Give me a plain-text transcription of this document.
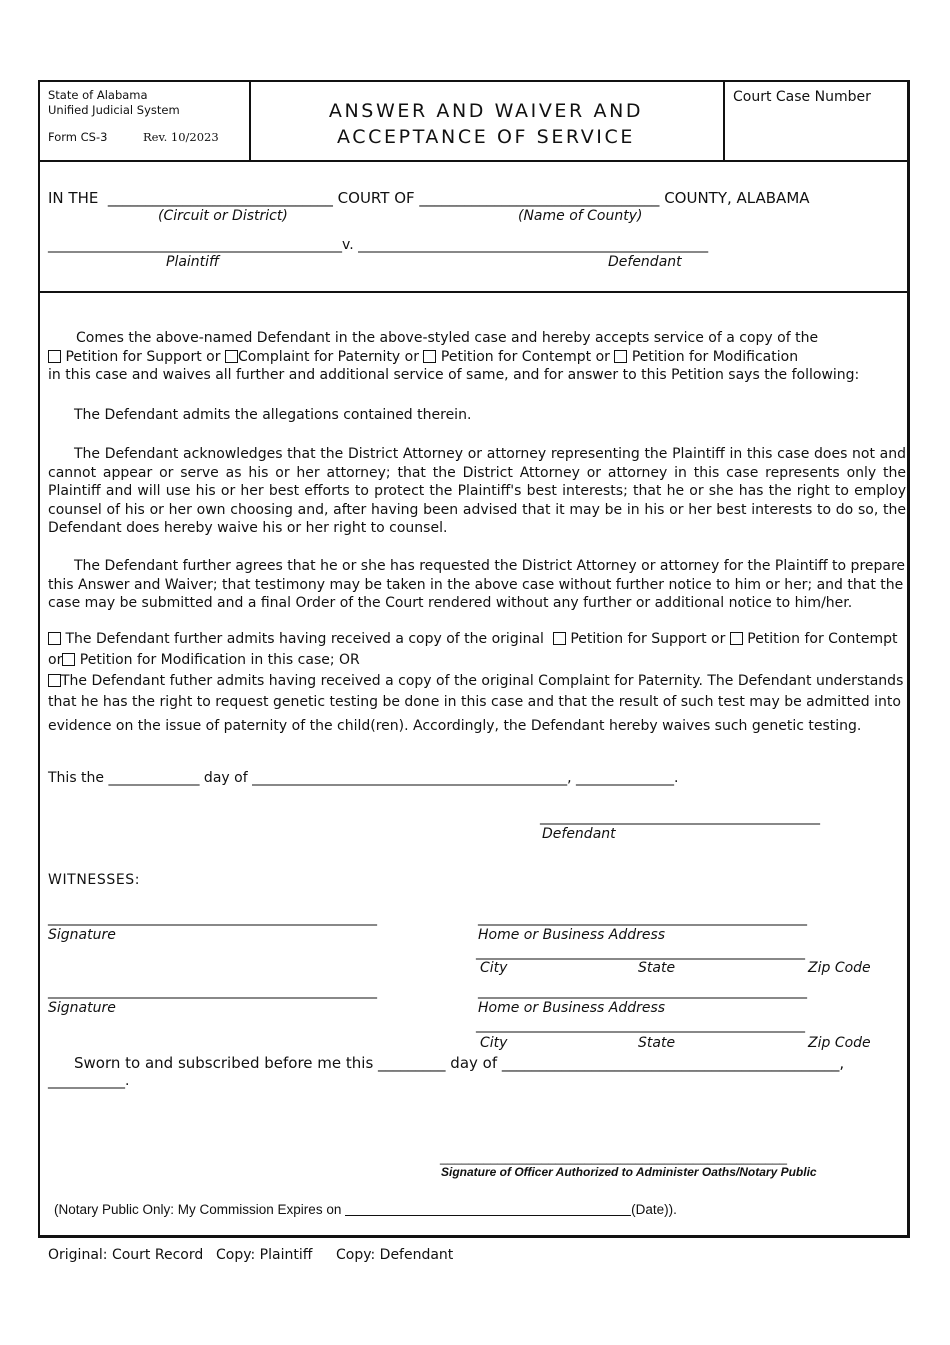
State of Alabama
Unified Judicial System
Form CS-3	Rev. 10/2023
ANSWER AND WAIVER AND
ACCEPTANCE OF SERVICE
Court Case Number
IN THE ______________________________ COURT OF ________________________________ COUNTY, ALABAMA
(Circuit or District)	(Name of County)
__________________________________________v. __________________________________________________
Plaintiff	Defendant
Comes the above-named Defendant in the above-styled case and hereby accepts service of a copy of the
Petition for Support or Complaint for Paternity or Petition for Contempt or Petition for Modification
in this case and waives all further and additional service of same, and for answer to this Petition says the following:
The Defendant admits the allegations contained therein.
The Defendant acknowledges that the District Attorney or attorney representing the Plaintiff in this case does not and cannot appear or serve as his or her attorney; that the District Attorney or attorney in this case represents only the Plaintiff and will use his or her best efforts to protect the Plaintiff's best interests; that he or she has the right to employ counsel of his or her own choosing and, after having been advised that it may be in his or her best interests to do so, the Defendant does hereby waive his or her right to counsel.
The Defendant further agrees that he or she has requested the District Attorney or attorney for the Plaintiff to prepare this Answer and Waiver; that testimony may be taken in the above case without further notice to him or her; and that the case may be submitted and a final Order of the Court rendered without any further or additional notice to him/her.
The Defendant further admits having received a copy of the original Petition for Support or Petition for Contempt
or Petition for Modification in this case; OR
The Defendant futher admits having received a copy of the original Complaint for Paternity. The Defendant understands
that he has the right to request genetic testing be done in this case and that the result of such test may be admitted into
evidence on the issue of paternity of the child(ren). Accordingly, the Defendant hereby waives such genetic testing.
This the _____________ day of _____________________________________________, ______________.
________________________________________
Defendant
WITNESSES:
_______________________________________________	_______________________________________________
Signature	Home or Business Address
_______________________________________________
City	State	Zip Code
_______________________________________________	_______________________________________________
Signature	Home or Business Address
_______________________________________________
City	State	Zip Code
Sworn to and subscribed before me this _________ day of _____________________________________________,
___________.
________________________________________________
Signature of Officer Authorized to Administer Oaths/Notary Public
(Notary Public Only: My Commission Expires on	(Date)).
Original: Court Record Copy: Plaintiff Copy: Defendant
